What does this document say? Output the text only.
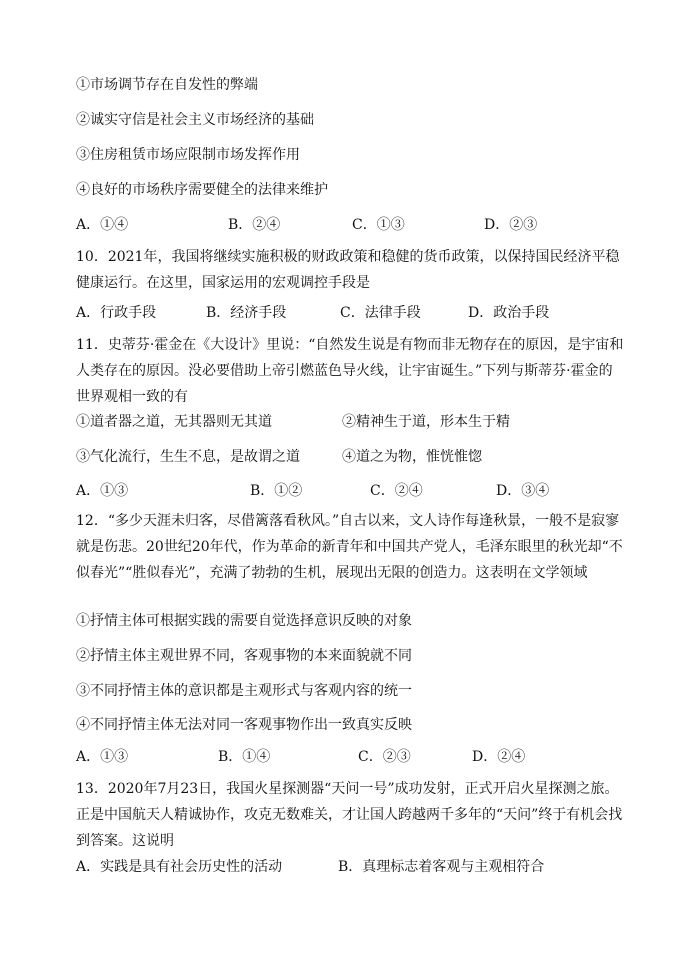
①市场调节存在自发性的弊端
②诚实守信是社会主义市场经济的基础
③住房租赁市场应限制市场发挥作用
④良好的市场秩序需要健全的法律来维护
A．①④	B．②④	C．①③	D．②③
10．2021年，我国将继续实施积极的财政政策和稳健的货币政策，以保持国民经济平稳健康运行。在这里，国家运用的宏观调控手段是
A．行政手段	B．经济手段	C．法律手段	D．政治手段
11．史蒂芬·霍金在《大设计》里说：“自然发生说是有物而非无物存在的原因，是宇宙和人类存在的原因。没必要借助上帝引燃蓝色导火线，让宇宙诞生。”下列与斯蒂芬·霍金的世界观相一致的有
①道者器之道，无其器则无其道	②精神生于道，形本生于精
③气化流行，生生不息，是故谓之道	④道之为物，惟恍惟惚
A．①③	B．①②	C．②④	D．③④
12．“多少天涯未归客，尽借篱落看秋风。”自古以来，文人诗作每逢秋景，一般不是寂寥就是伤悲。20世纪20年代，作为革命的新青年和中国共产党人，毛泽东眼里的秋光却“不似春光”“胜似春光”，充满了勃勃的生机，展现出无限的创造力。这表明在文学领域
①抒情主体可根据实践的需要自觉选择意识反映的对象
②抒情主体主观世界不同，客观事物的本来面貌就不同
③不同抒情主体的意识都是主观形式与客观内容的统一
④不同抒情主体无法对同一客观事物作出一致真实反映
A．①③	B．①④	C．②③	D．②④
13．2020年7月23日，我国火星探测器“天问一号”成功发射，正式开启火星探测之旅。正是中国航天人精诚协作，攻克无数难关，才让国人跨越两千多年的“天问”终于有机会找到答案。这说明
A．实践是具有社会历史性的活动	B．真理标志着客观与主观相符合
